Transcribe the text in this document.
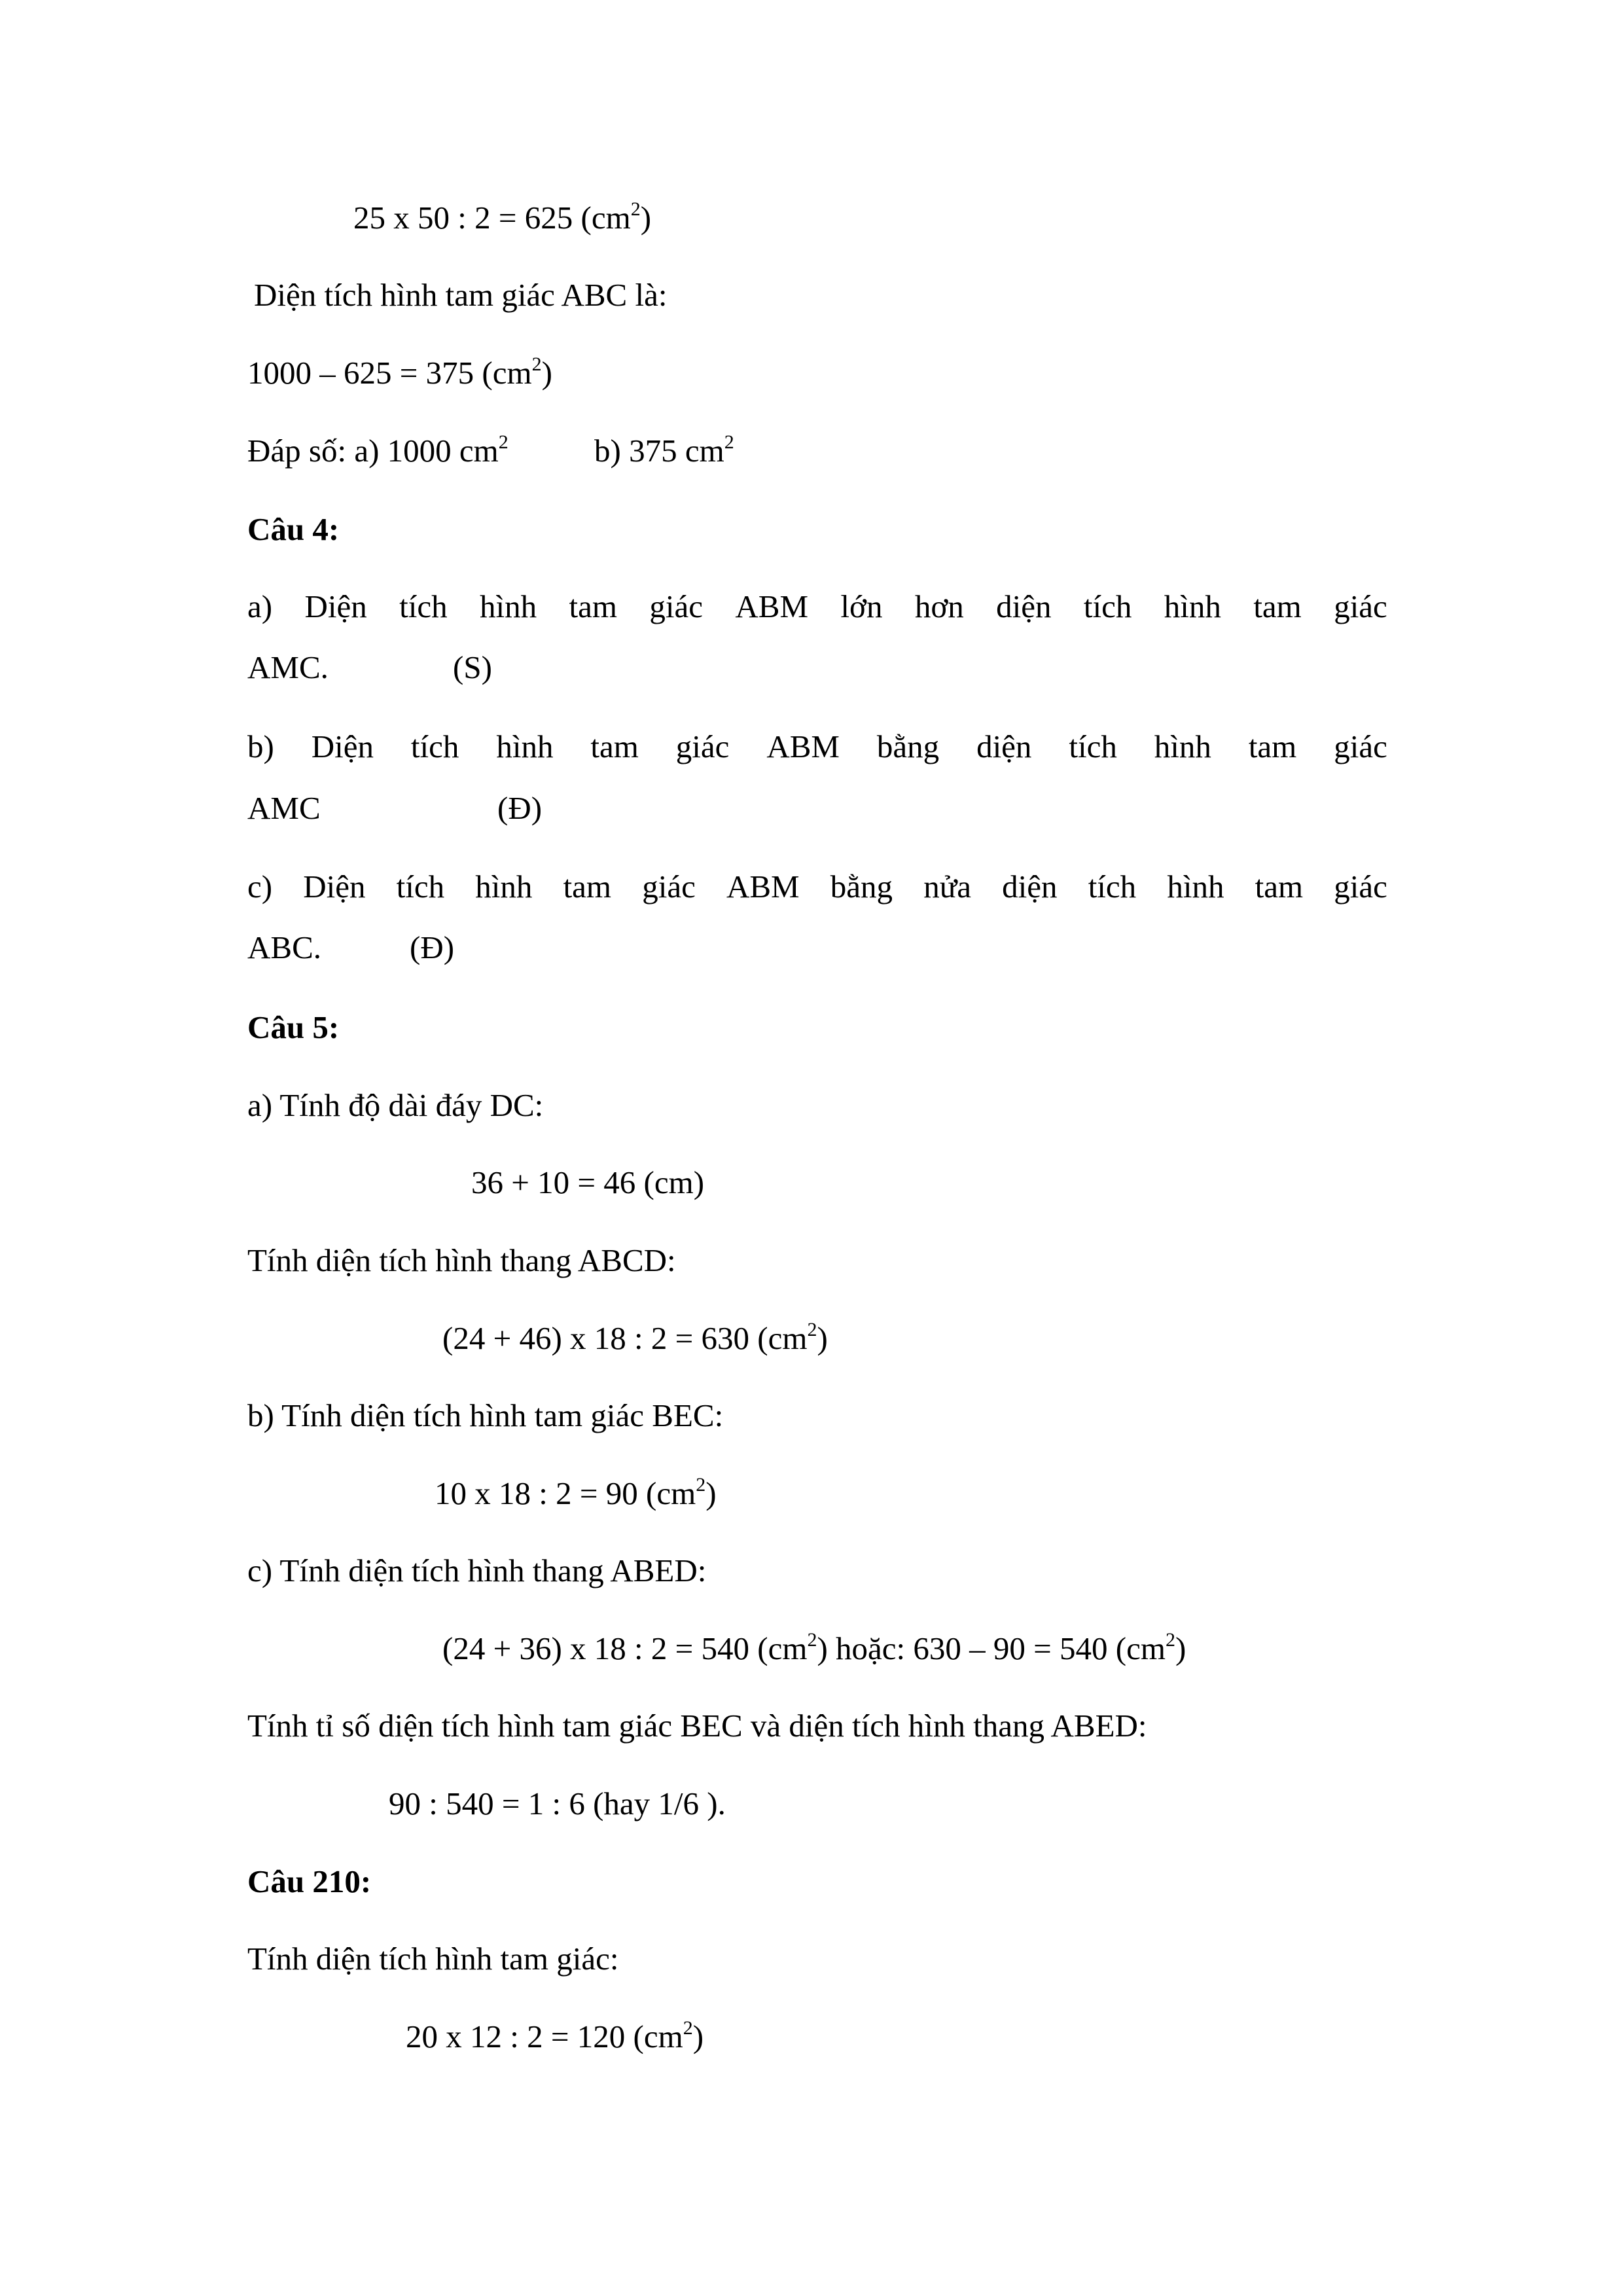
25 x 50 : 2 = 625 $(cm^2)$
Diện tích hình tam giác ABC là:
1000 – 625 = 375 $(cm^2)$
Đáp số: a) 1000 $cm^2$	b) 375 $cm^2$
Câu 4:
a) Diện tích hình tam giác ABM lớn hơn diện tích hình tam giác
AMC.	(S)
b) Diện tích hình tam giác ABM bằng diện tích hình tam giác
AMC	(Đ)
c) Diện tích hình tam giác ABM bằng nửa diện tích hình tam giác
ABC.	(Đ)
Câu 5:
a) Tính độ dài đáy DC:
36 + 10 = 46 (cm)
Tính diện tích hình thang ABCD:
(24 + 46) x 18 : 2 = 630 $(cm^2)$
b) Tính diện tích hình tam giác BEC:
10 x 18 : 2 = 90 $(cm^2)$
c) Tính diện tích hình thang ABED:
(24 + 36) x 18 : 2 = 540 $(cm^2)$ hoặc: 630 – 90 = 540 $(cm^2)$
Tính tỉ số diện tích hình tam giác BEC và diện tích hình thang ABED:
90 : 540 = 1 : 6 (hay 1/6 ).
Câu 210:
Tính diện tích hình tam giác:
20 x 12 : 2 = 120 $(cm^2)$
